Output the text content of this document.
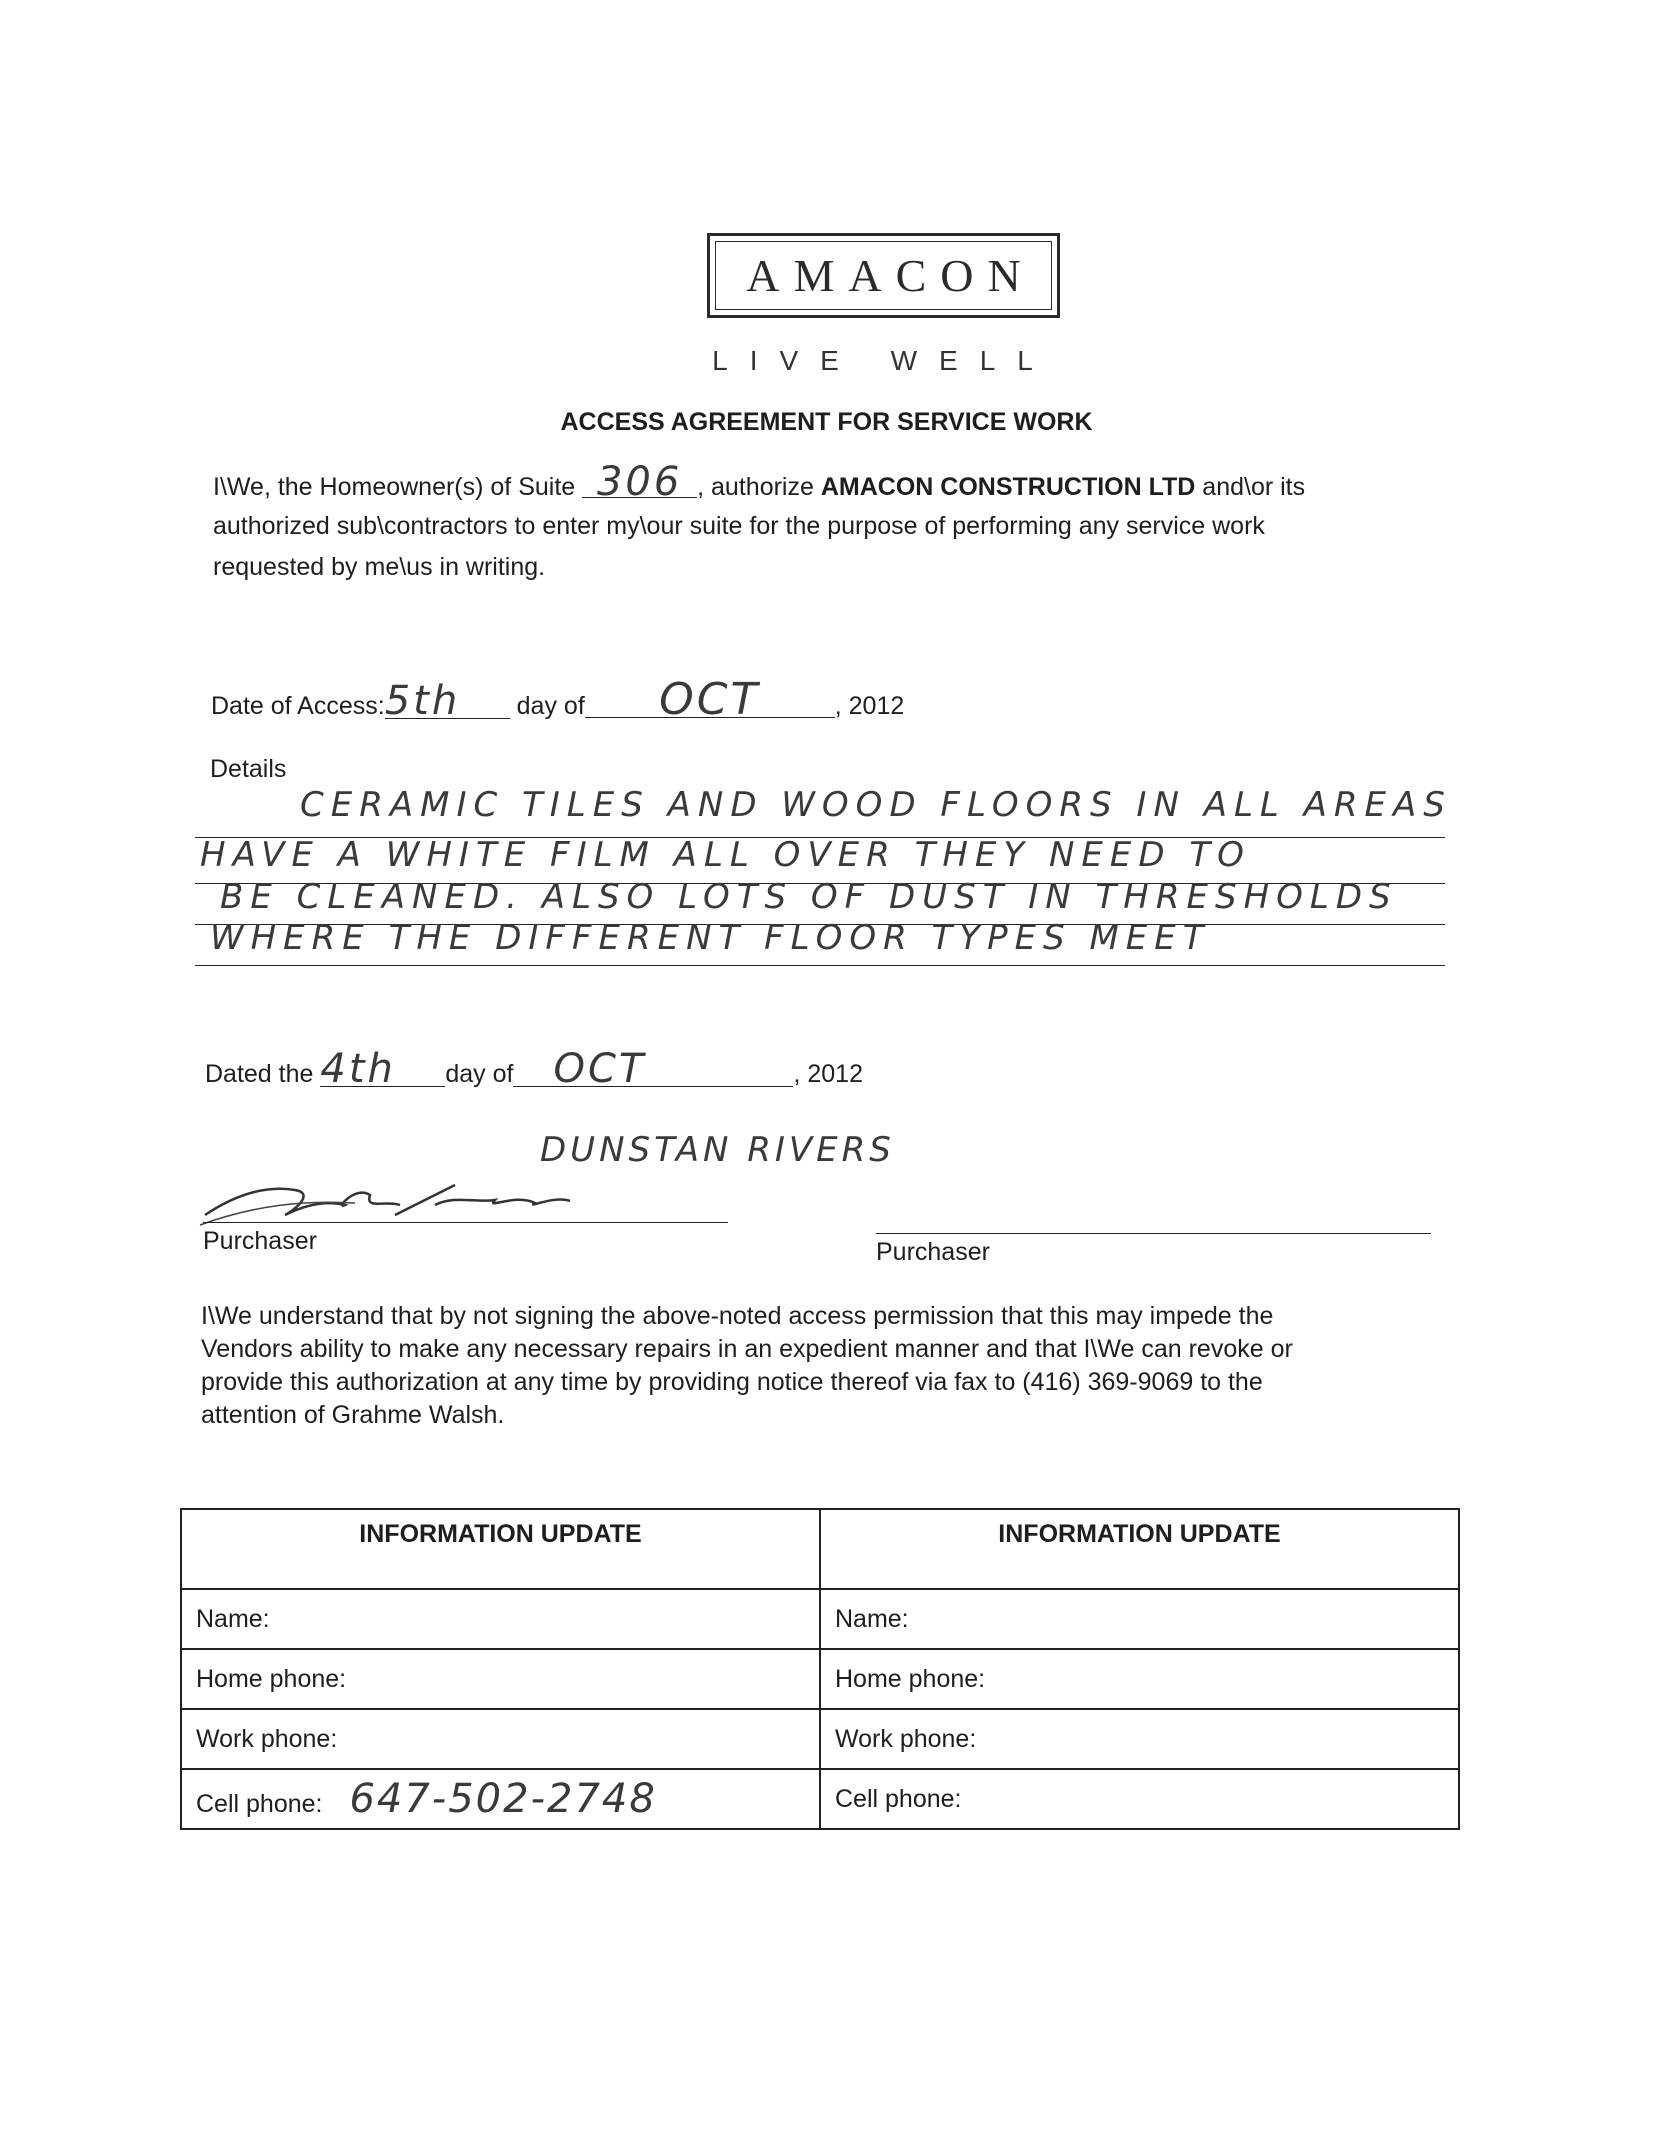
AMACON
LIVE WELL
ACCESS AGREEMENT FOR SERVICE WORK
I\We, the Homeowner(s) of Suite 306 , authorize AMACON CONSTRUCTION LTD and\or its
authorized sub\contractors to enter my\our suite for the purpose of performing any service work
requested by me\us in writing.
Date of Access:5th day of OCT	, 2012
Details
CERAMIC TILES AND WOOD FLOORS IN ALL AREAS
HAVE A WHITE FILM ALL OVER THEY NEED TO
BE CLEANED. ALSO LOTS OF DUST IN THRESHOLDS
WHERE THE DIFFERENT FLOOR TYPES MEET
Dated the 4th day of OCT	, 2012
DUNSTAN RIVERS
Purchaser	Purchaser
I\We understand that by not signing the above-noted access permission that this may impede the
Vendors ability to make any necessary repairs in an expedient manner and that I\We can revoke or
provide this authorization at any time by providing notice thereof via fax to (416) 369-9069 to the
attention of Grahme Walsh.
INFORMATION UPDATE	INFORMATION UPDATE
Name:	Name:
Home phone:	Home phone:
Work phone:	Work phone:
Cell phone: 647-502-2748	Cell phone:
